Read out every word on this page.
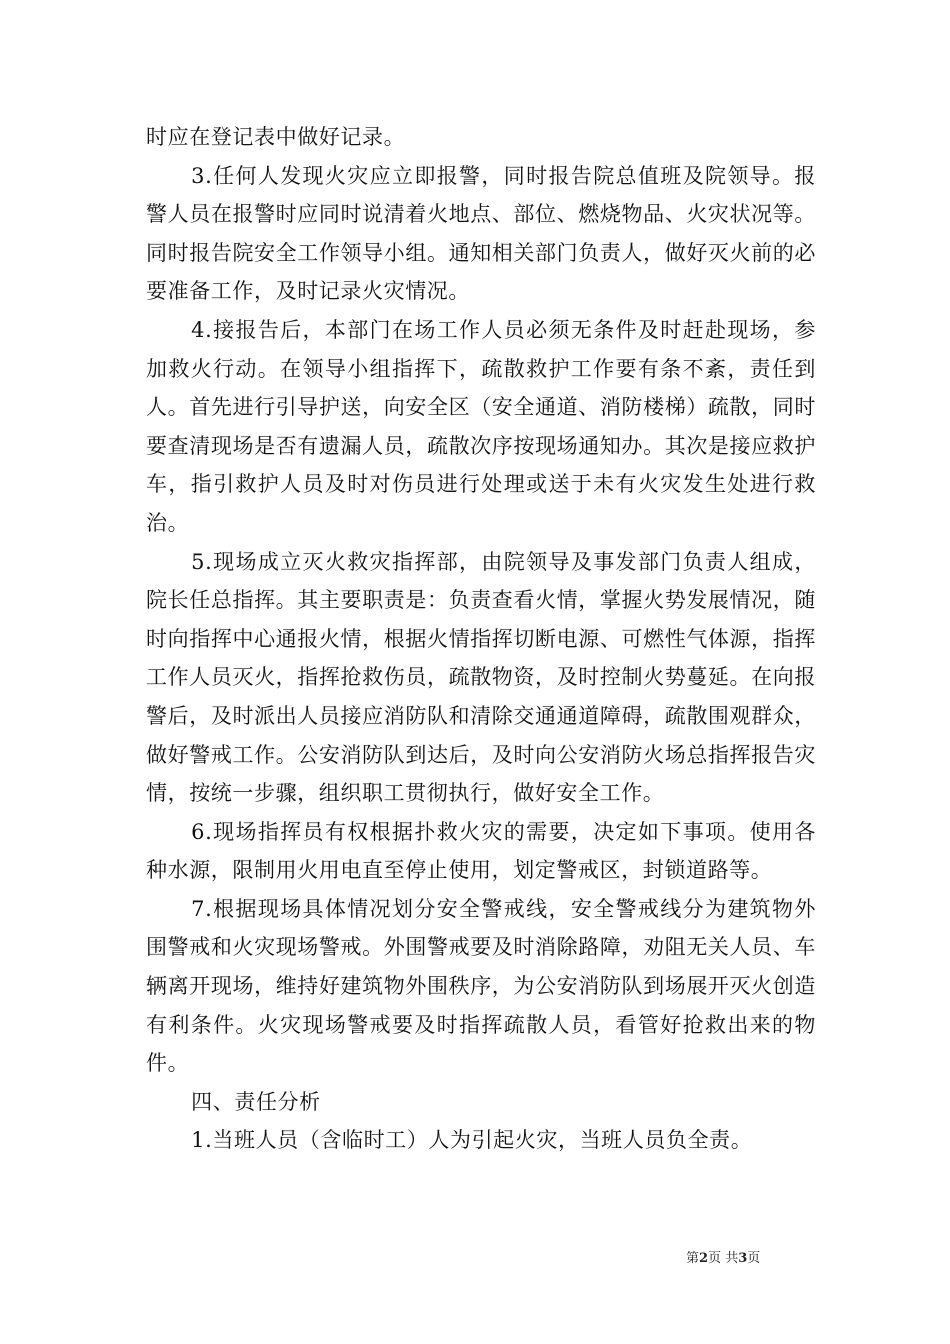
时应在登记表中做好记录。

3.任何人发现火灾应立即报警，同时报告院总值班及院领导。报警人员在报警时应同时说清着火地点、部位、燃烧物品、火灾状况等。同时报告院安全工作领导小组。通知相关部门负责人，做好灭火前的必要准备工作，及时记录火灾情况。

4.接报告后，本部门在场工作人员必须无条件及时赶赴现场，参加救火行动。在领导小组指挥下，疏散救护工作要有条不紊，责任到人。首先进行引导护送，向安全区（安全通道、消防楼梯）疏散，同时要查清现场是否有遗漏人员，疏散次序按现场通知办。其次是接应救护车，指引救护人员及时对伤员进行处理或送于未有火灾发生处进行救治。

5.现场成立灭火救灾指挥部，由院领导及事发部门负责人组成，院长任总指挥。其主要职责是：负责查看火情，掌握火势发展情况，随时向指挥中心通报火情，根据火情指挥切断电源、可燃性气体源，指挥工作人员灭火，指挥抢救伤员，疏散物资，及时控制火势蔓延。在向报警后，及时派出人员接应消防队和清除交通通道障碍，疏散围观群众，做好警戒工作。公安消防队到达后，及时向公安消防火场总指挥报告灾情，按统一步骤，组织职工贯彻执行，做好安全工作。

6.现场指挥员有权根据扑救火灾的需要，决定如下事项。使用各种水源，限制用火用电直至停止使用，划定警戒区，封锁道路等。

7.根据现场具体情况划分安全警戒线，安全警戒线分为建筑物外围警戒和火灾现场警戒。外围警戒要及时消除路障，劝阻无关人员、车辆离开现场，维持好建筑物外围秩序，为公安消防队到场展开灭火创造有利条件。火灾现场警戒要及时指挥疏散人员，看管好抢救出来的物件。

四、责任分析

1.当班人员（含临时工）人为引起火灾，当班人员负全责。

第2页 共3页
